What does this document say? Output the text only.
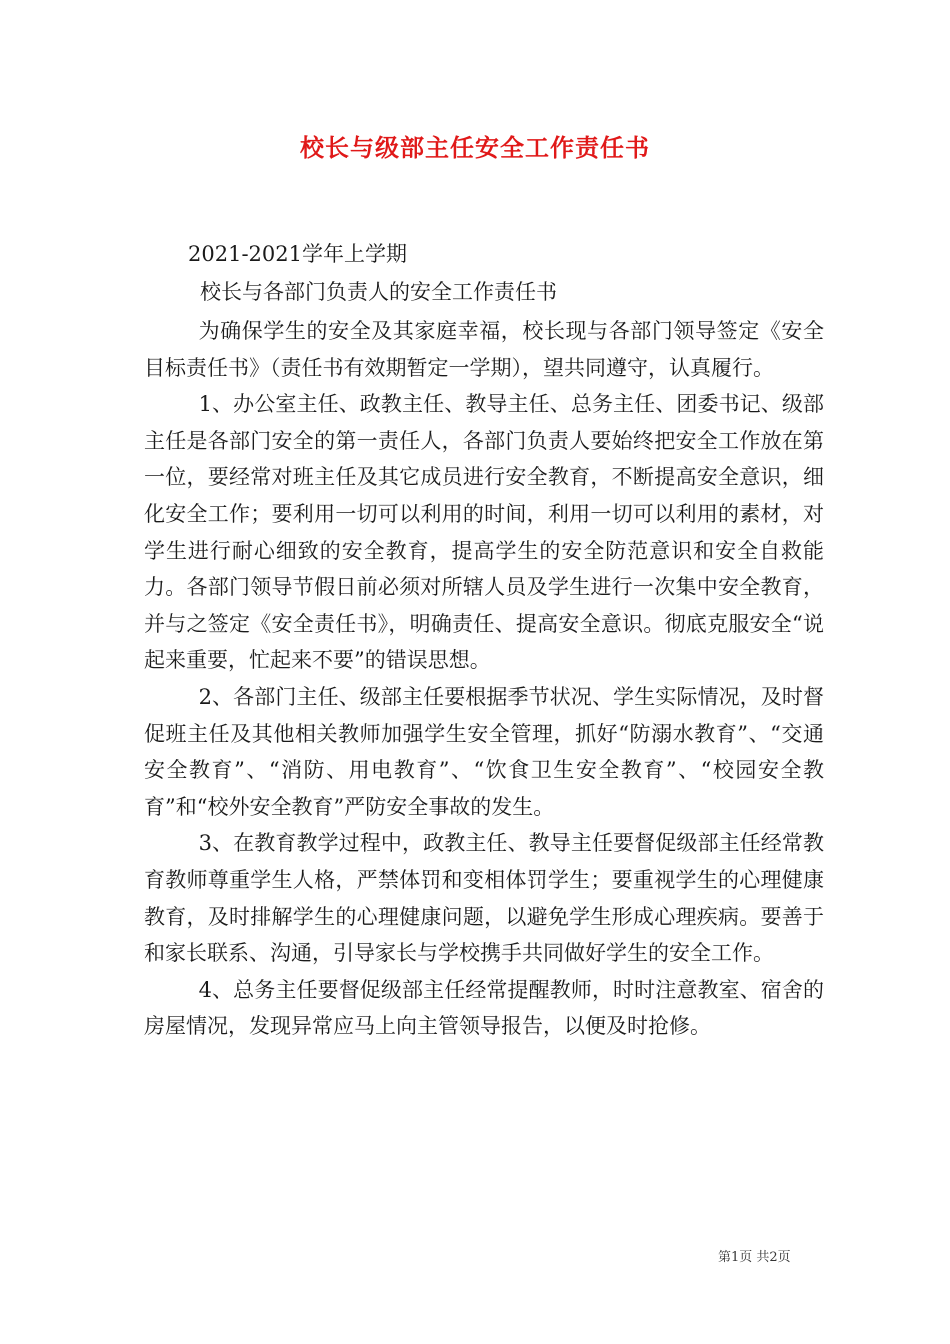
校长与级部主任安全工作责任书
2021-2021学年上学期
校长与各部门负责人的安全工作责任书

为确保学生的安全及其家庭幸福，校长现与各部门领导签定《安全目标责任书》（责任书有效期暂定一学期），望共同遵守，认真履行。

1、办公室主任、政教主任、教导主任、总务主任、团委书记、级部主任是各部门安全的第一责任人，各部门负责人要始终把安全工作放在第一位，要经常对班主任及其它成员进行安全教育，不断提高安全意识，细化安全工作；要利用一切可以利用的时间，利用一切可以利用的素材，对学生进行耐心细致的安全教育，提高学生的安全防范意识和安全自救能力。各部门领导节假日前必须对所辖人员及学生进行一次集中安全教育，并与之签定《安全责任书》，明确责任、提高安全意识。彻底克服安全“说起来重要，忙起来不要”的错误思想。

2、各部门主任、级部主任要根据季节状况、学生实际情况，及时督促班主任及其他相关教师加强学生安全管理，抓好“防溺水教育”、“交通安全教育”、“消防、用电教育”、“饮食卫生安全教育”、“校园安全教育”和“校外安全教育”严防安全事故的发生。

3、在教育教学过程中，政教主任、教导主任要督促级部主任经常教育教师尊重学生人格，严禁体罚和变相体罚学生；要重视学生的心理健康教育，及时排解学生的心理健康问题，以避免学生形成心理疾病。要善于和家长联系、沟通，引导家长与学校携手共同做好学生的安全工作。

4、总务主任要督促级部主任经常提醒教师，时时注意教室、宿舍的房屋情况，发现异常应马上向主管领导报告，以便及时抢修。

第1页 共2页
